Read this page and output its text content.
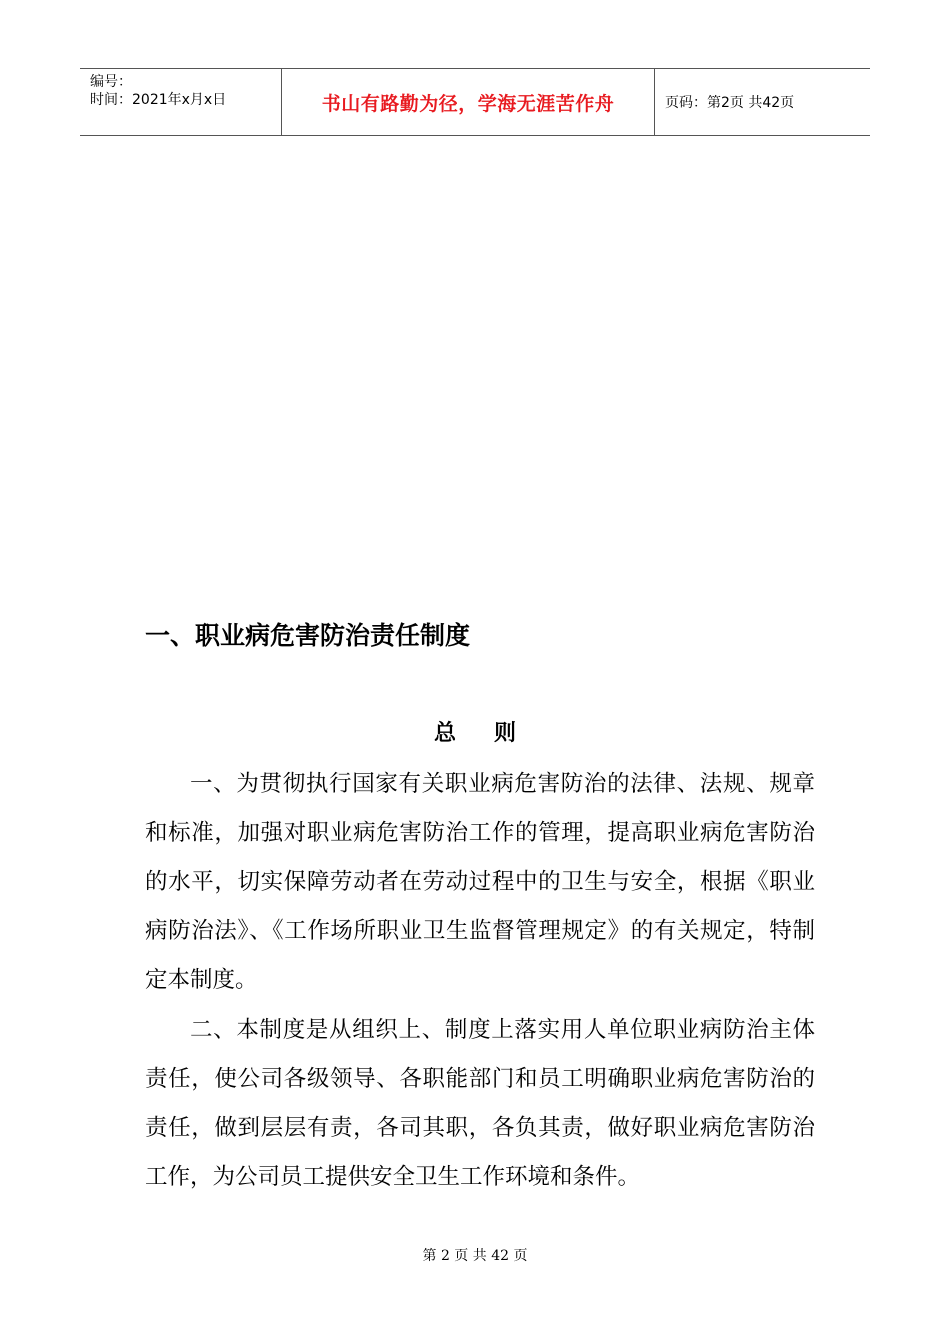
编号：
时间：2021年x月x日	书山有路勤为径，学海无涯苦作舟	页码：第2页 共42页
一、职业病危害防治责任制度
总则
一、为贯彻执行国家有关职业病危害防治的法律、法规、规章和标准，加强对职业病危害防治工作的管理，提高职业病危害防治的水平，切实保障劳动者在劳动过程中的卫生与安全，根据《职业病防治法》、《工作场所职业卫生监督管理规定》的有关规定，特制定本制度。
二、本制度是从组织上、制度上落实用人单位职业病防治主体责任，使公司各级领导、各职能部门和员工明确职业病危害防治的责任，做到层层有责，各司其职，各负其责，做好职业病危害防治工作，为公司员工提供安全卫生工作环境和条件。
第 2 页 共 42 页
